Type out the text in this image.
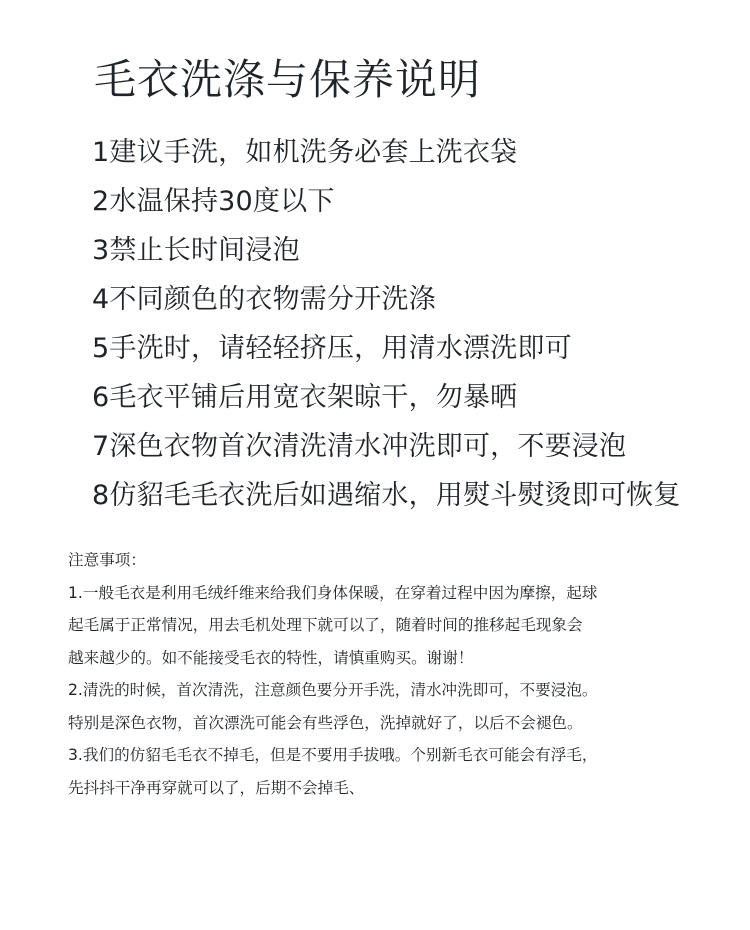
毛衣洗涤与保养说明
1建议手洗，如机洗务必套上洗衣袋
2水温保持30度以下
3禁止长时间浸泡
4不同颜色的衣物需分开洗涤
5手洗时，请轻轻挤压，用清水漂洗即可
6毛衣平铺后用宽衣架晾干，勿暴晒
7深色衣物首次清洗清水冲洗即可，不要浸泡
8仿貂毛毛衣洗后如遇缩水，用熨斗熨烫即可恢复
注意事项：
1.一般毛衣是利用毛绒纤维来给我们身体保暖，在穿着过程中因为摩擦，起球
起毛属于正常情况，用去毛机处理下就可以了，随着时间的推移起毛现象会
越来越少的。如不能接受毛衣的特性，请慎重购买。谢谢！
2.清洗的时候，首次清洗，注意颜色要分开手洗，清水冲洗即可，不要浸泡。
特别是深色衣物，首次漂洗可能会有些浮色，洗掉就好了，以后不会褪色。
3.我们的仿貂毛毛衣不掉毛，但是不要用手拔哦。个别新毛衣可能会有浮毛，
先抖抖干净再穿就可以了，后期不会掉毛、
